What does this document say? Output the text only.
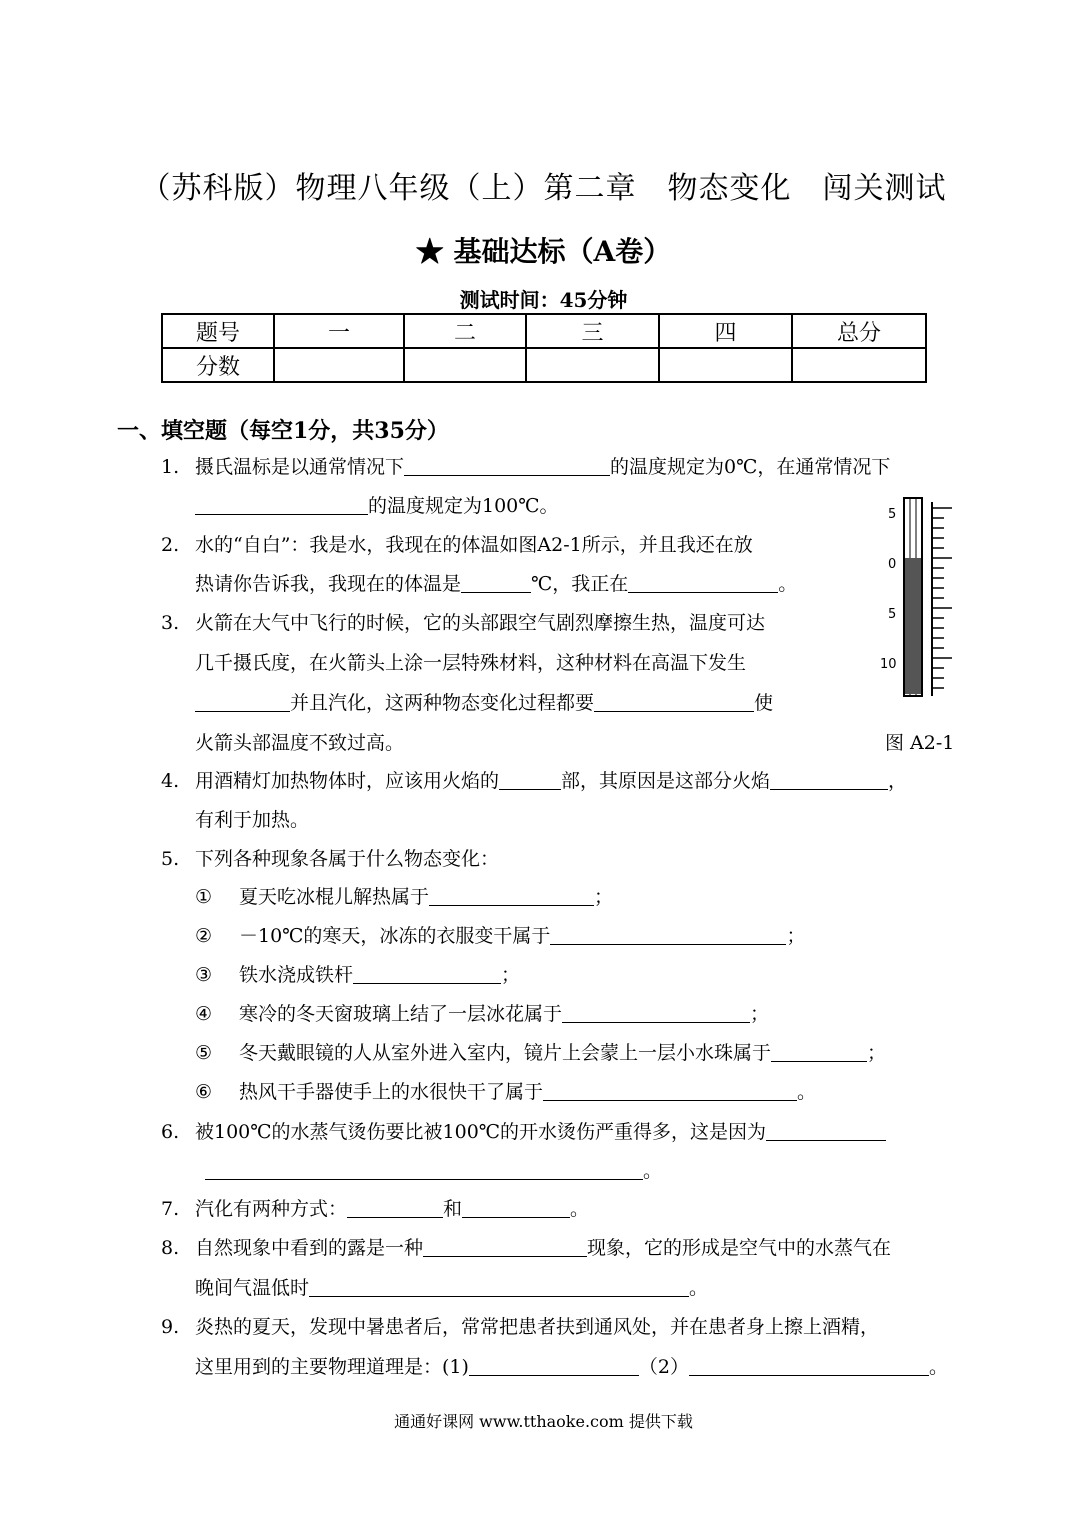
（苏科版）物理八年级（上）第二章　物态变化　闯关测试
★ 基础达标（A卷）
测试时间：45分钟
题号	一	二	三	四	总分
分数					
一、填空题（每空1分，共35分）
1. 摄氏温标是以通常情况下	的温度规定为0℃，在通常情况下
的温度规定为100℃。
2. 水的“自白”：我是水，我现在的体温如图A2-1所示，并且我还在放
热请你告诉我，我现在的体温是	℃，我正在	。
3. 火箭在大气中飞行的时候，它的头部跟空气剧烈摩擦生热，温度可达
几千摄氏度，在火箭头上涂一层特殊材料，这种材料在高温下发生
并且汽化，这两种物态变化过程都要	使
火箭头部温度不致过高。
5
0
5
10
图 A2-1
4. 用酒精灯加热物体时，应该用火焰的	部，其原因是这部分火焰	，
有利于加热。
5. 下列各种现象各属于什么物态变化：
① 夏天吃冰棍儿解热属于	；
② －10℃的寒天，冰冻的衣服变干属于	；
③ 铁水浇成铁杆	；
④ 寒冷的冬天窗玻璃上结了一层冰花属于	；
⑤ 冬天戴眼镜的人从室外进入室内，镜片上会蒙上一层小水珠属于	；
⑥ 热风干手器使手上的水很快干了属于	。
6. 被100℃的水蒸气烫伤要比被100℃的开水烫伤严重得多，这是因为
。
7. 汽化有两种方式：	和	。
8. 自然现象中看到的露是一种	现象，它的形成是空气中的水蒸气在
晚间气温低时	。
9. 炎热的夏天，发现中暑患者后，常常把患者扶到通风处，并在患者身上擦上酒精，
这里用到的主要物理道理是：(1)	（2）	。
通通好课网 www.tthaoke.com 提供下载
